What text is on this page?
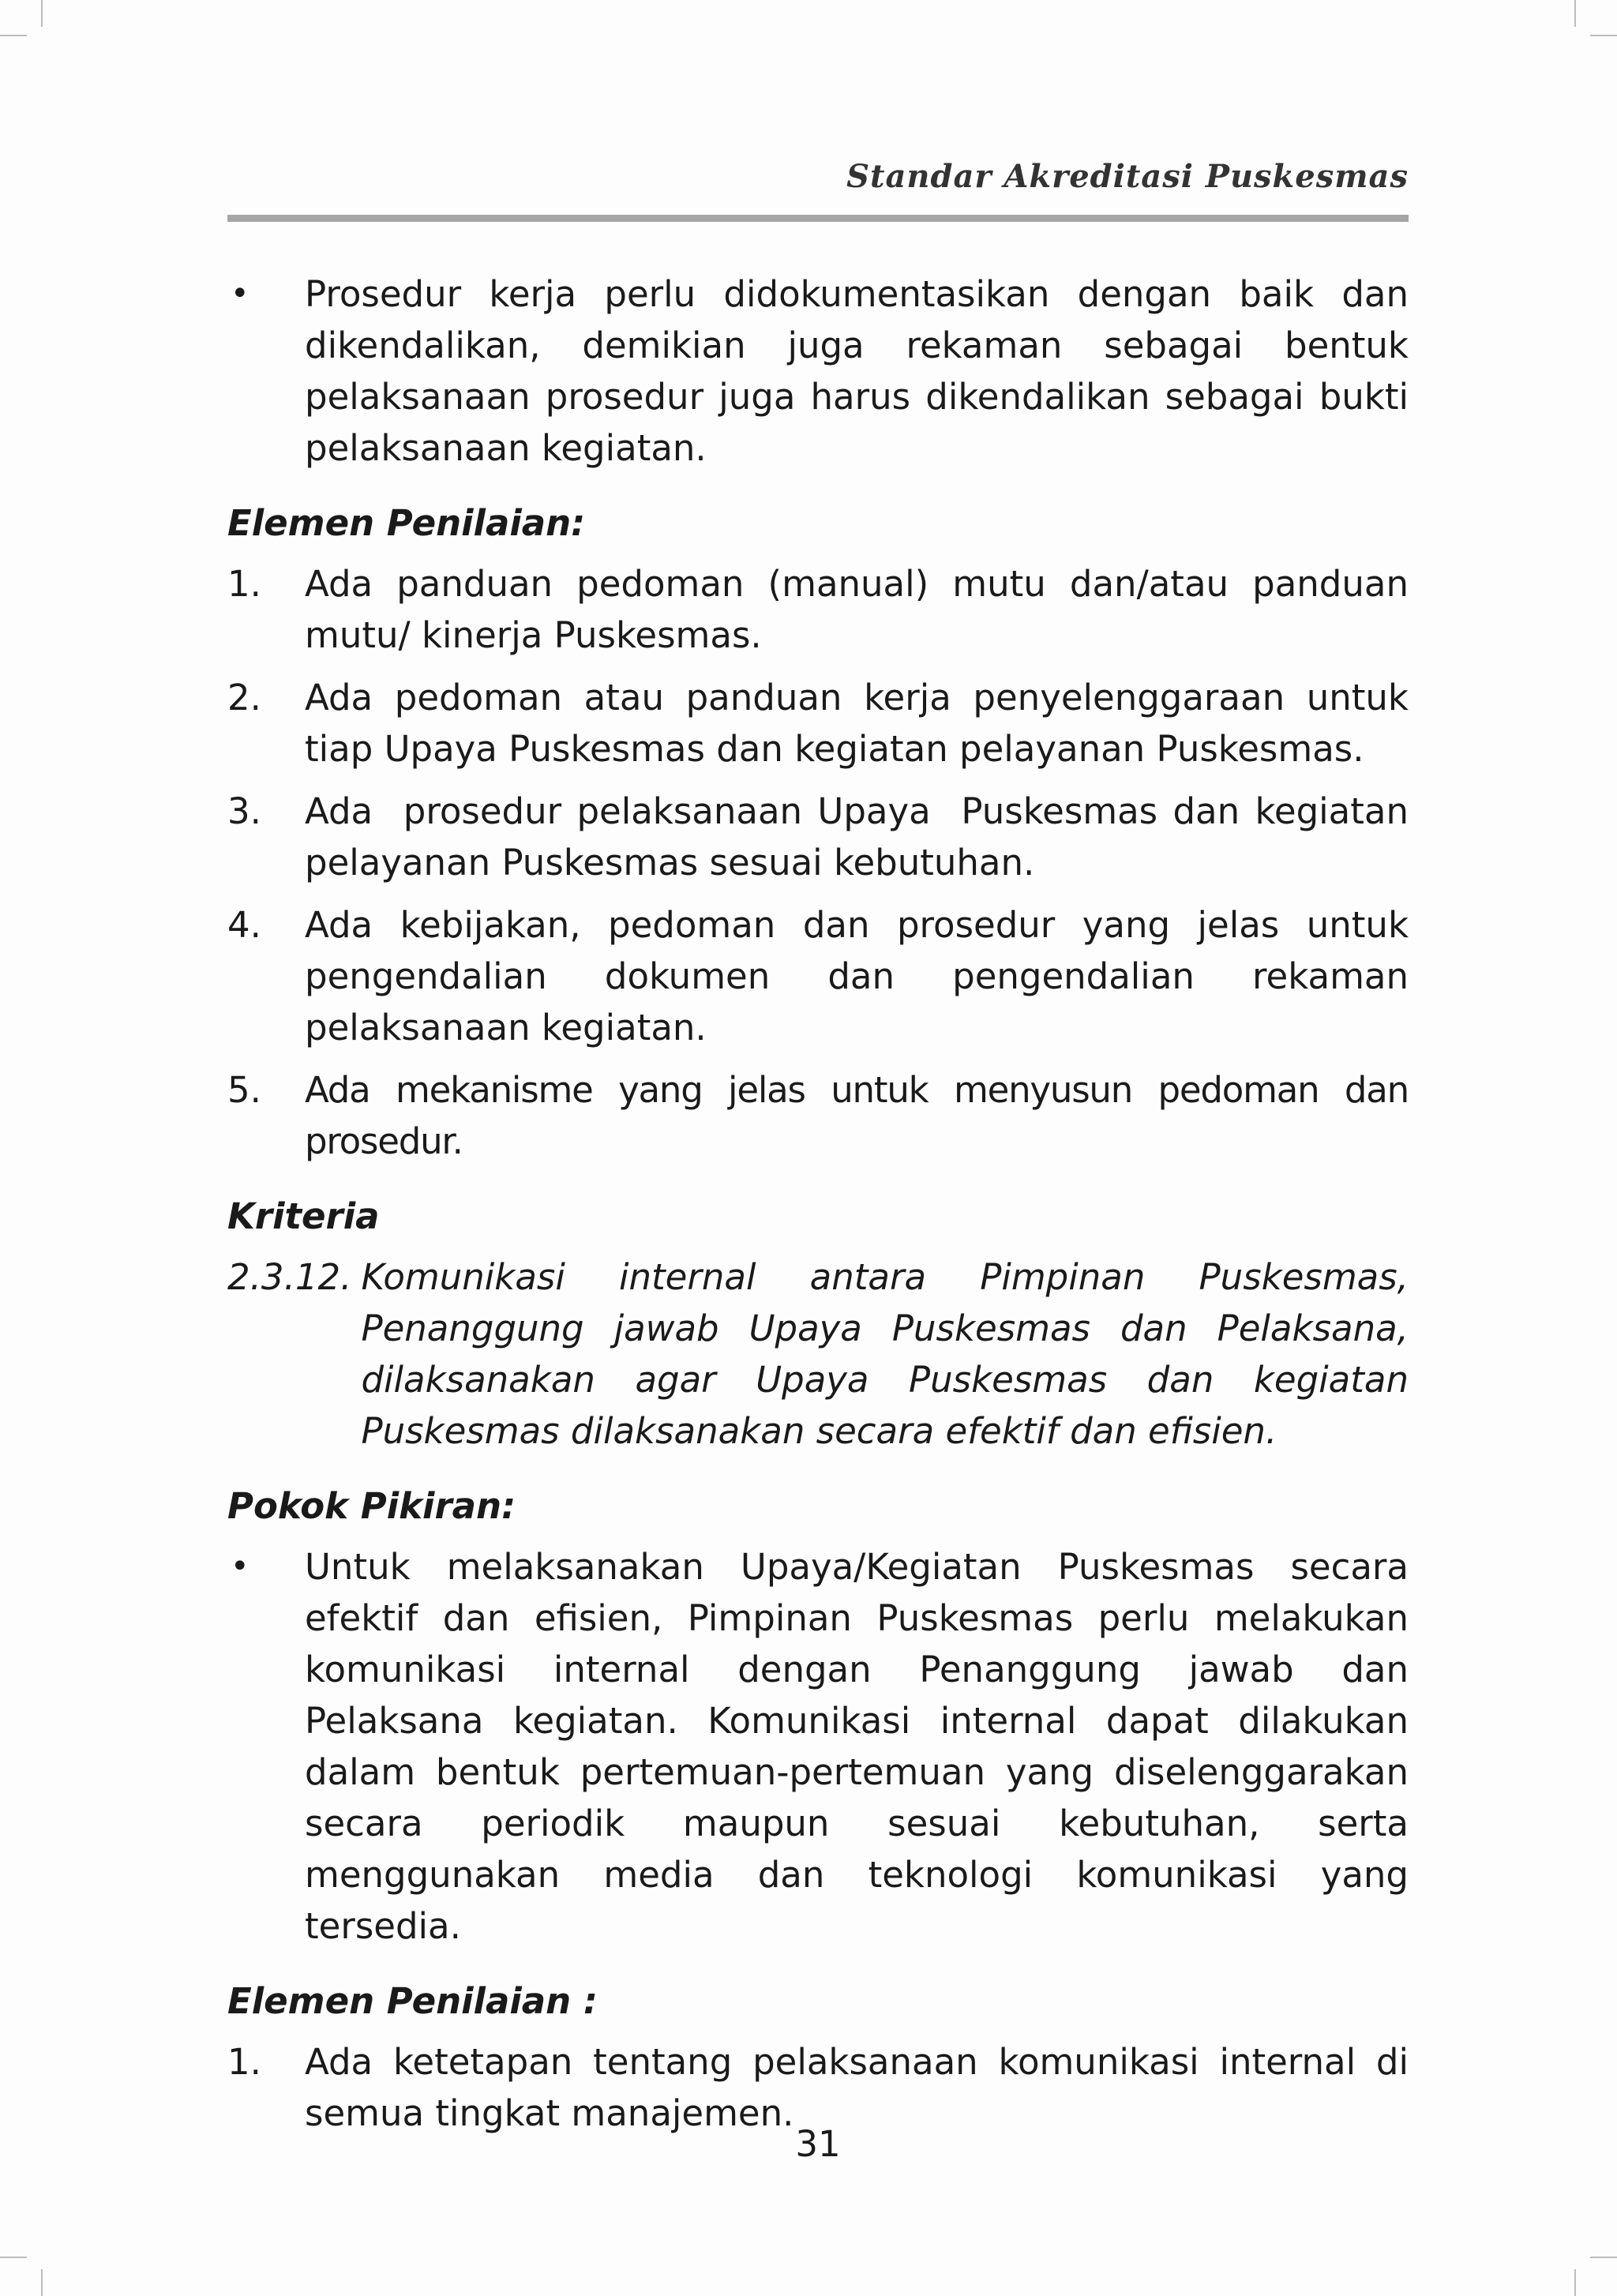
Standar Akreditasi Puskesmas
•	Prosedur kerja perlu didokumentasikan dengan baik dan dikendalikan, demikian juga rekaman sebagai bentuk pelaksanaan prosedur juga harus dikendalikan sebagai bukti pelaksanaan kegiatan.
Elemen Penilaian:
1.	Ada panduan pedoman (manual) mutu dan/atau panduan mutu/ kinerja Puskesmas.
2.	Ada pedoman atau panduan kerja penyelenggaraan untuk tiap Upaya Puskesmas dan kegiatan pelayanan Puskesmas.
3.	Ada  prosedur pelaksanaan Upaya  Puskesmas dan kegiatan pelayanan Puskesmas sesuai kebutuhan.
4.	Ada kebijakan, pedoman dan prosedur yang jelas untuk pengendalian dokumen dan pengendalian rekaman pelaksanaan kegiatan.
5.	Ada mekanisme yang jelas untuk menyusun pedoman dan prosedur.
Kriteria
2.3.12. Komunikasi internal antara Pimpinan Puskesmas, Penanggung jawab Upaya Puskesmas dan Pelaksana, dilaksanakan agar Upaya Puskesmas dan kegiatan Puskesmas dilaksanakan secara efektif dan efisien.
Pokok Pikiran:
•	Untuk melaksanakan Upaya/Kegiatan Puskesmas secara efektif dan efisien, Pimpinan Puskesmas perlu melakukan komunikasi internal dengan Penanggung jawab dan Pelaksana kegiatan. Komunikasi internal dapat dilakukan dalam bentuk pertemuan-pertemuan yang diselenggarakan secara periodik maupun sesuai kebutuhan, serta menggunakan media dan teknologi komunikasi yang tersedia.
Elemen Penilaian :
1.	Ada ketetapan tentang pelaksanaan komunikasi internal di semua tingkat manajemen.
31
